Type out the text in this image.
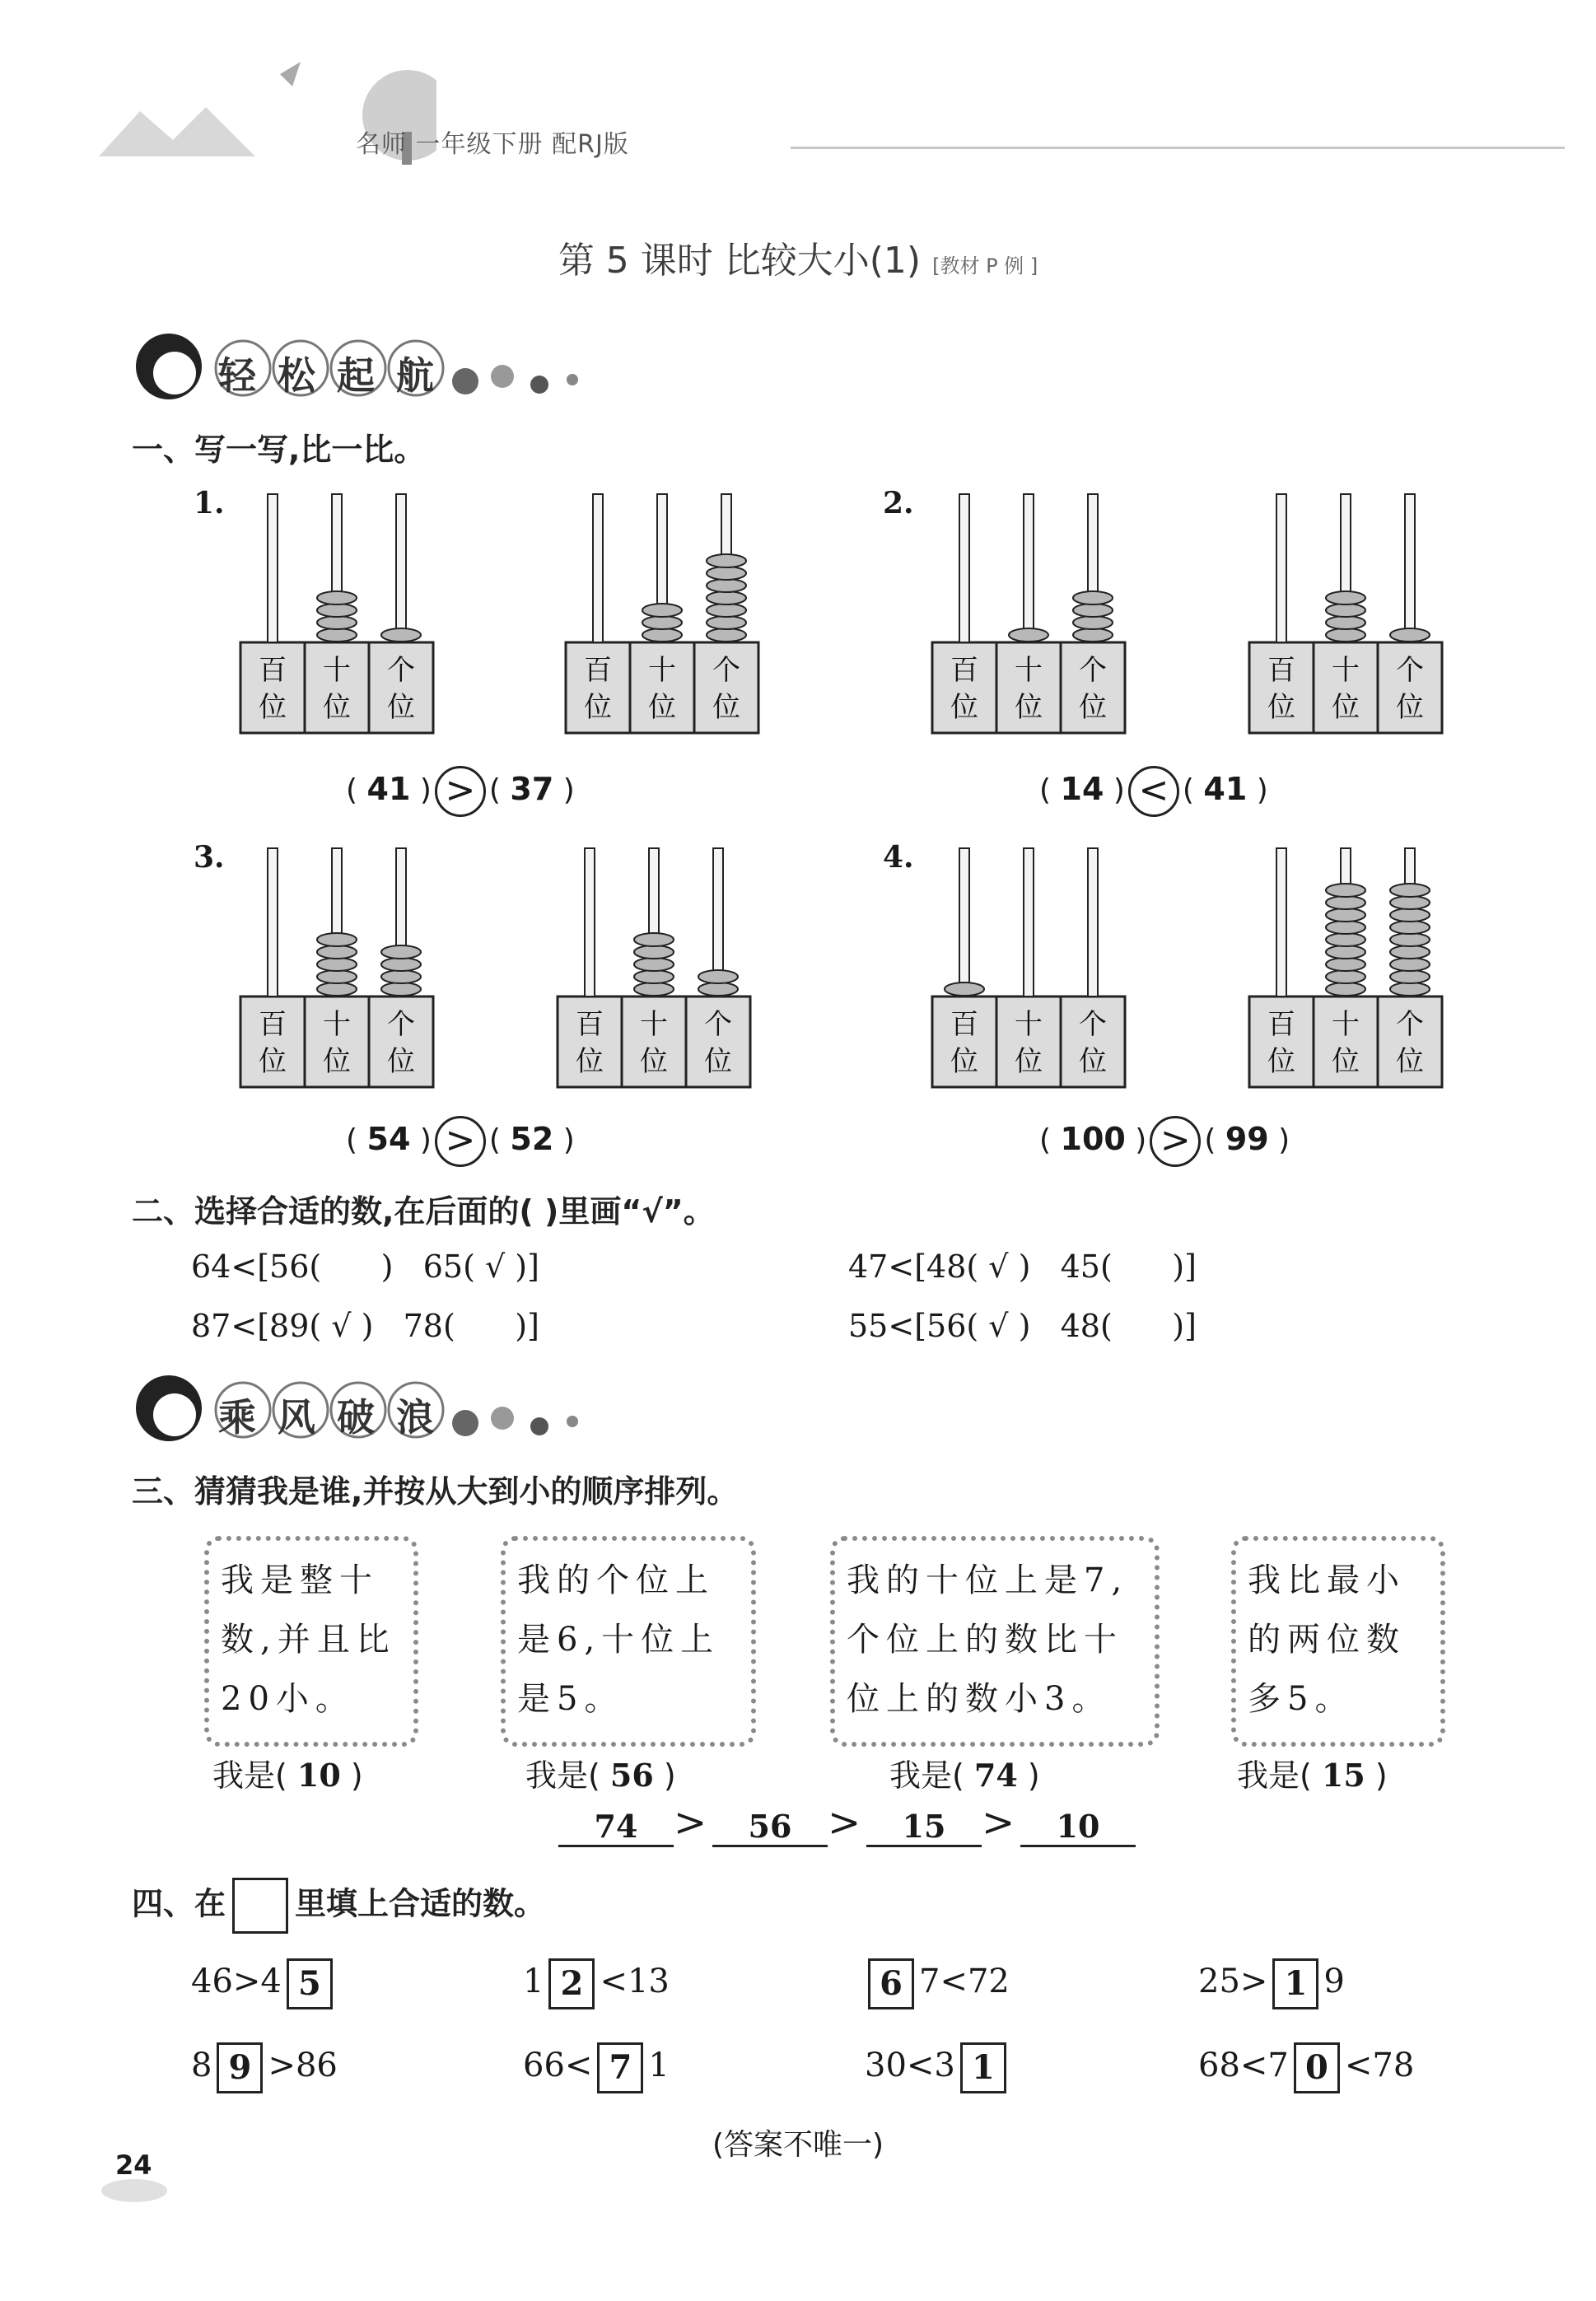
名师 一年级下册 配RJ版
第 5 课时 比较大小(1) [教材 P 例 ]
轻松起航
一、写一写,比一比。
1.	2.
3.	4.
百
位
十
位
个
位
百
位
十
位
个
位
百
位
十
位
个
位
百
位
十
位
个
位
百
位
十
位
个
位
百
位
十
位
个
位
百
位
十
位
个
位
百
位
十
位
个
位
( 41 ) > ( 37 )	( 14 ) < ( 41 )
( 54 ) > ( 52 )	( 100 ) > ( 99 )
二、选择合适的数,在后面的( )里画“√”。
64<[56(      )   65( √ )]	47<[48( √ )   45(      )]
87<[89( √ )   78(      )]	55<[56( √ )   48(      )]
乘风破浪
三、猜猜我是谁,并按从大到小的顺序排列。
我是整十数,并且比20小。
我的个位上是6,十位上是5。
我的十位上是7,个位上的数比十位上的数小3。
我比最小的两位数多5。
我是( 10 )	我是( 56 )	我是( 74 )	我是( 15 )
74 >	56 >	15 >	10
四、在 里填上合适的数。
46>4 5	1 2 <13	6 7<72	25> 1 9
8 9 >86	66< 7 1	30<3 1	68<7 0 <78
(答案不唯一)
24
